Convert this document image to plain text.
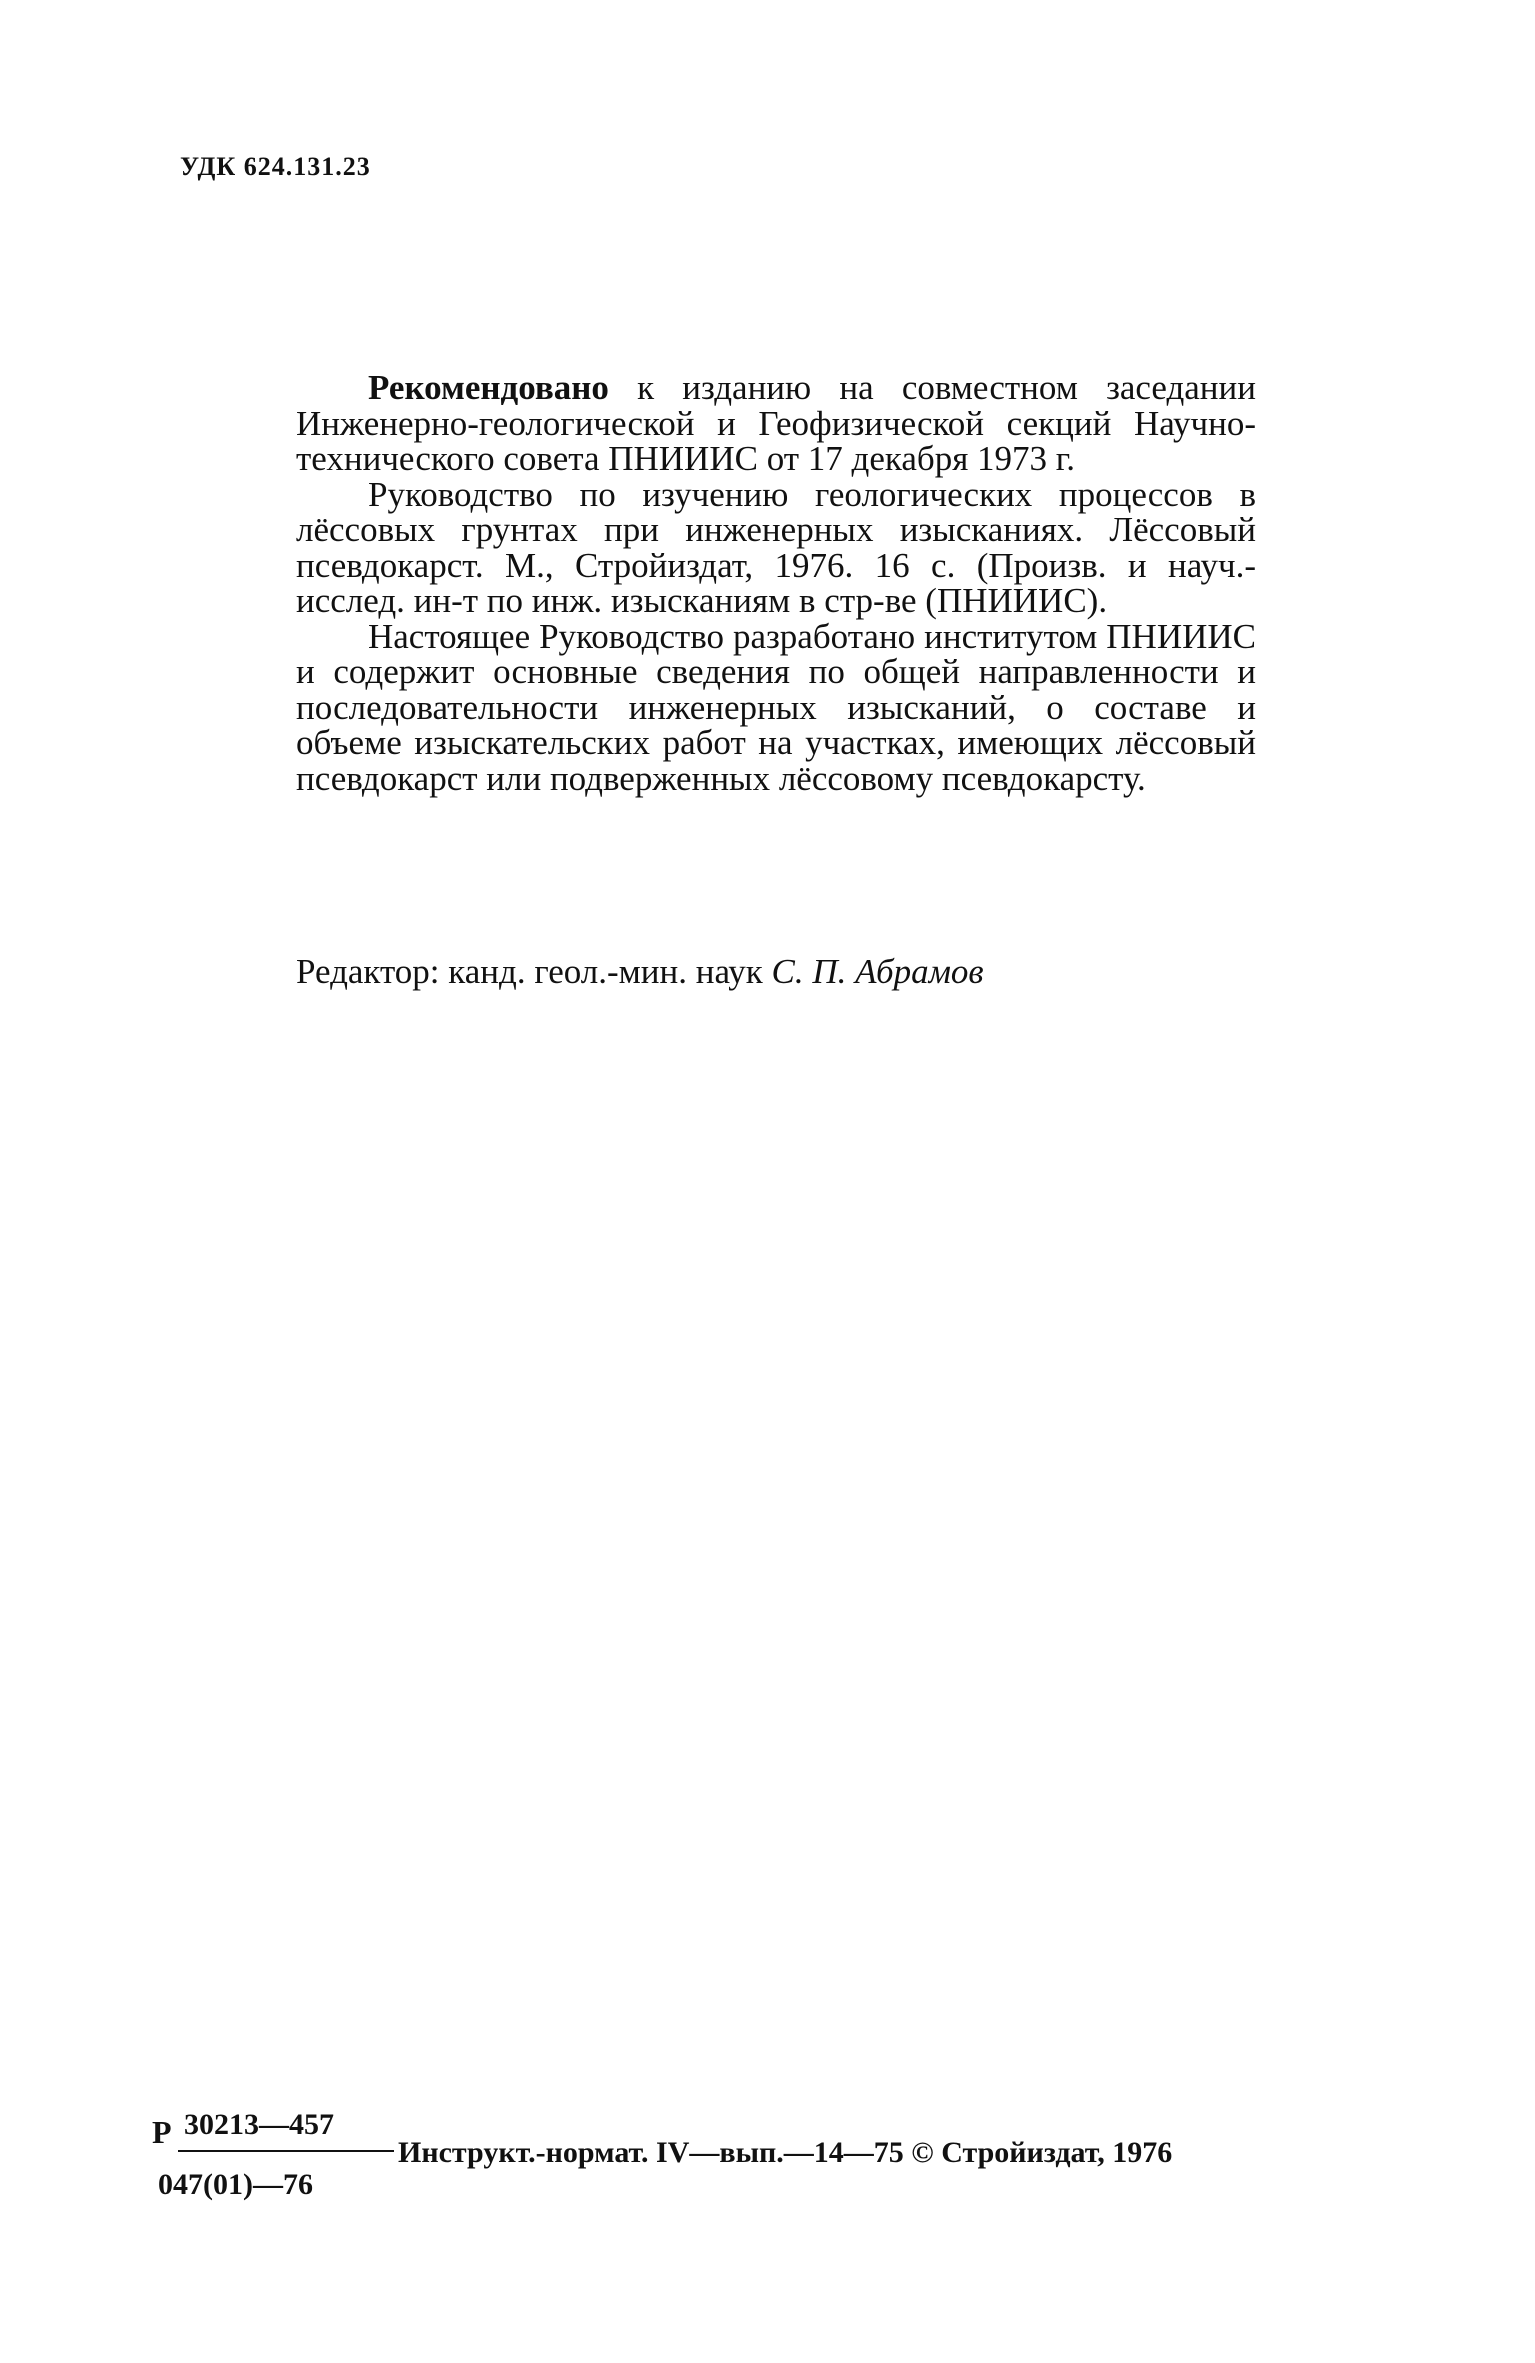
УДК 624.131.23

Рекомендовано к изданию на совместном заседании Инженерно-геологической и Геофизической секций Научно-технического совета ПНИИИС от 17 декабря 1973 г.

Руководство по изучению геологических процессов в лёссовых грунтах при инженерных изысканиях. Лёссовый псевдокарст. М., Стройиздат, 1976. 16 с. (Произв. и науч.-исслед. ин-т по инж. изысканиям в стр-ве (ПНИИИС).

Настоящее Руководство разработано институтом ПНИИИС и содержит основные сведения по общей направленности и последовательности инженерных изысканий, о составе и объеме изыскательских работ на участках, имеющих лёссовый псевдокарст или подверженных лёссовому псевдокарсту.

Редактор: канд. геол.-мин. наук С. П. Абрамов
Р 30213—457
047(01)—76
Инструкт.-нормат. IV—вып.—14—75 © Стройиздат, 1976
